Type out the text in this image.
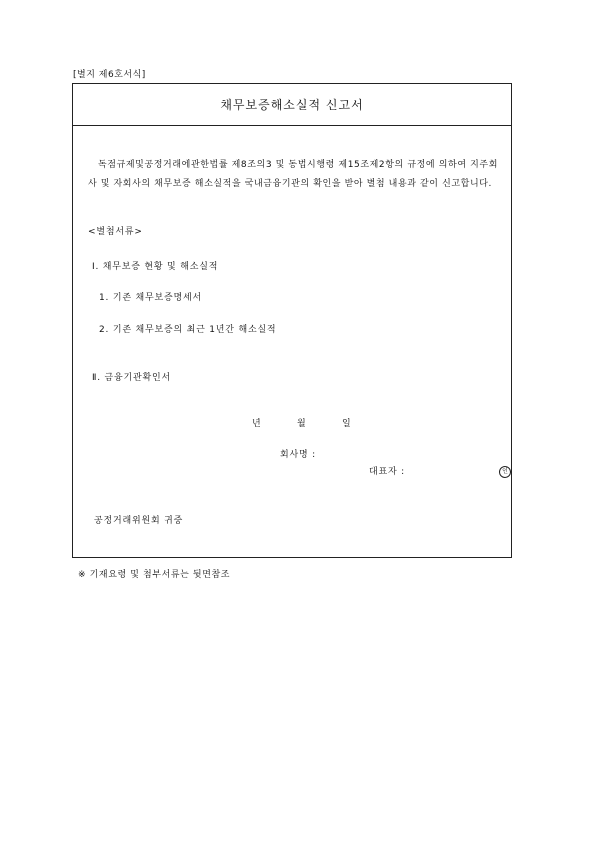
[별지 제6호서식]
채무보증해소실적 신고서
독점규제및공정거래에관한법률 제8조의3 및 동법시행령 제15조제2항의 규정에 의하여 지주회사 및 자회사의 채무보증 해소실적을 국내금융기관의 확인을 받아 별첨 내용과 같이 신고합니다.
<별첨서류>
Ⅰ. 채무보증 현황 및 해소실적
1. 기존 채무보증명세서
2. 기존 채무보증의 최근 1년간 해소실적
Ⅱ. 금융기관확인서
년	월	일
회사명 :
대표자 :	인
공정거래위원회 귀중
※ 기재요령 및 첨부서류는 뒷면참조
